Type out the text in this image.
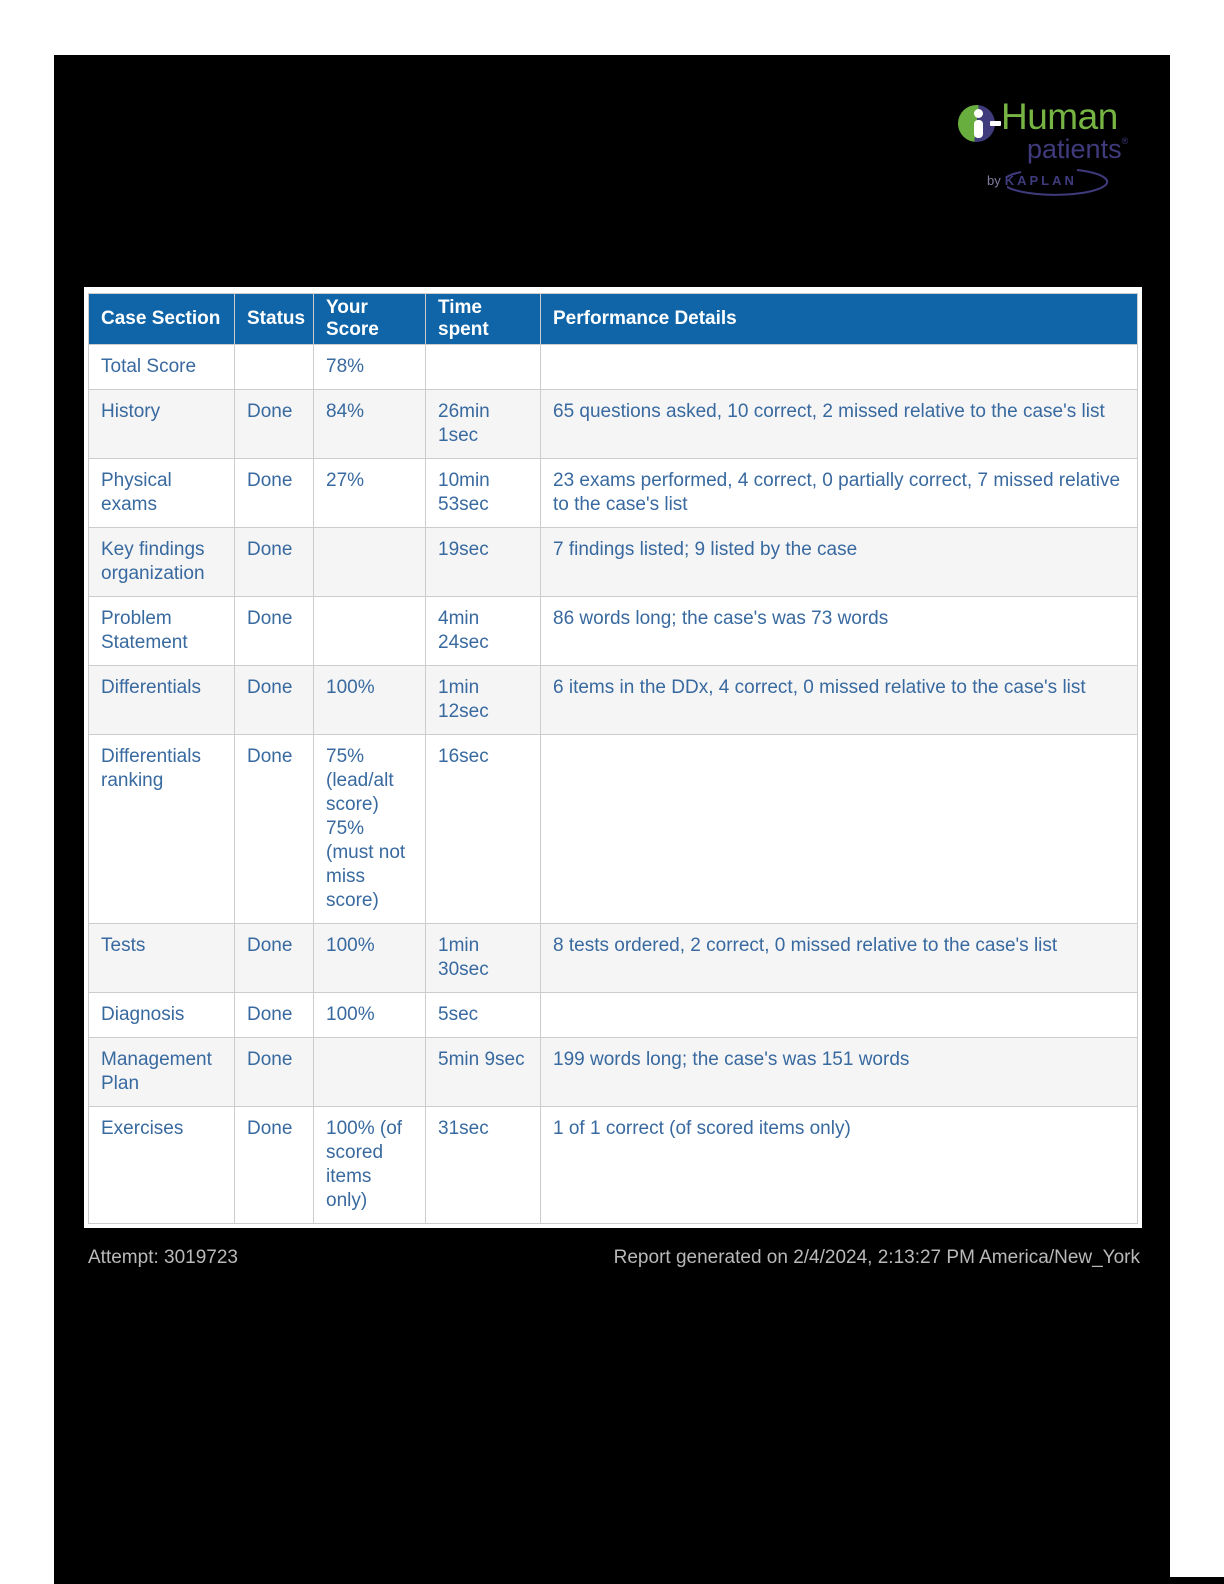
Human
patients®
by KAPLAN
Case Section	Status	Your Score	Time spent	Performance Details
Total Score		78%		
History	Done	84%	26min 1sec	65 questions asked, 10 correct, 2 missed relative to the case's list
Physical exams	Done	27%	10min 53sec	23 exams performed, 4 correct, 0 partially correct, 7 missed relative to the case's list
Key findings organization	Done		19sec	7 findings listed; 9 listed by the case
Problem Statement	Done		4min 24sec	86 words long; the case's was 73 words
Differentials	Done	100%	1min 12sec	6 items in the DDx, 4 correct, 0 missed relative to the case's list
Differentials ranking	Done	75% (lead/alt score) 75% (must not miss score)	16sec	
Tests	Done	100%	1min 30sec	8 tests ordered, 2 correct, 0 missed relative to the case's list
Diagnosis	Done	100%	5sec	
Management Plan	Done		5min 9sec	199 words long; the case's was 151 words
Exercises	Done	100% (of scored items only)	31sec	1 of 1 correct (of scored items only)
Attempt: 3019723	Report generated on 2/4/2024, 2:13:27 PM America/New_York
